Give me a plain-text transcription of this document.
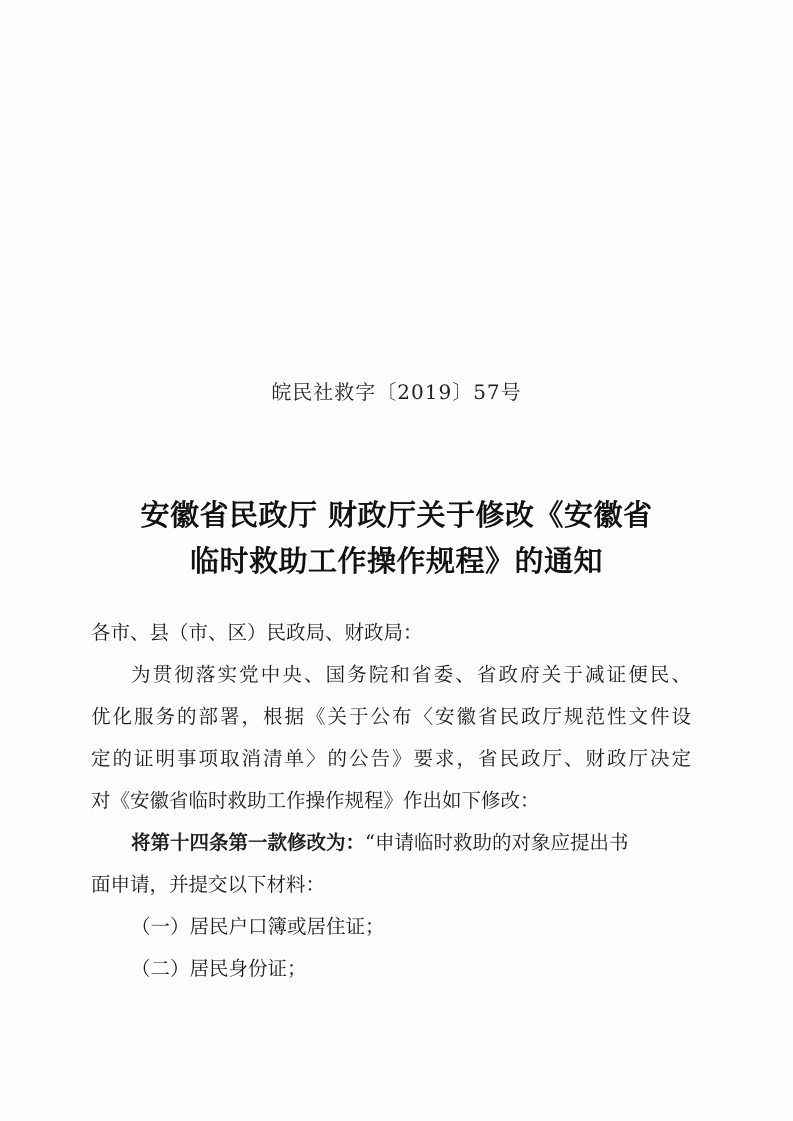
皖民社救字〔2019〕57号
安徽省民政厅 财政厅关于修改《安徽省
临时救助工作操作规程》的通知
各市、县（市、区）民政局、财政局：
为贯彻落实党中央、国务院和省委、省政府关于减证便民、
优化服务的部署，根据《关于公布〈安徽省民政厅规范性文件设
定的证明事项取消清单〉的公告》要求，省民政厅、财政厅决定
对《安徽省临时救助工作操作规程》作出如下修改：
将第十四条第一款修改为：“申请临时救助的对象应提出书
面申请，并提交以下材料：
（一）居民户口簿或居住证；
（二）居民身份证；
